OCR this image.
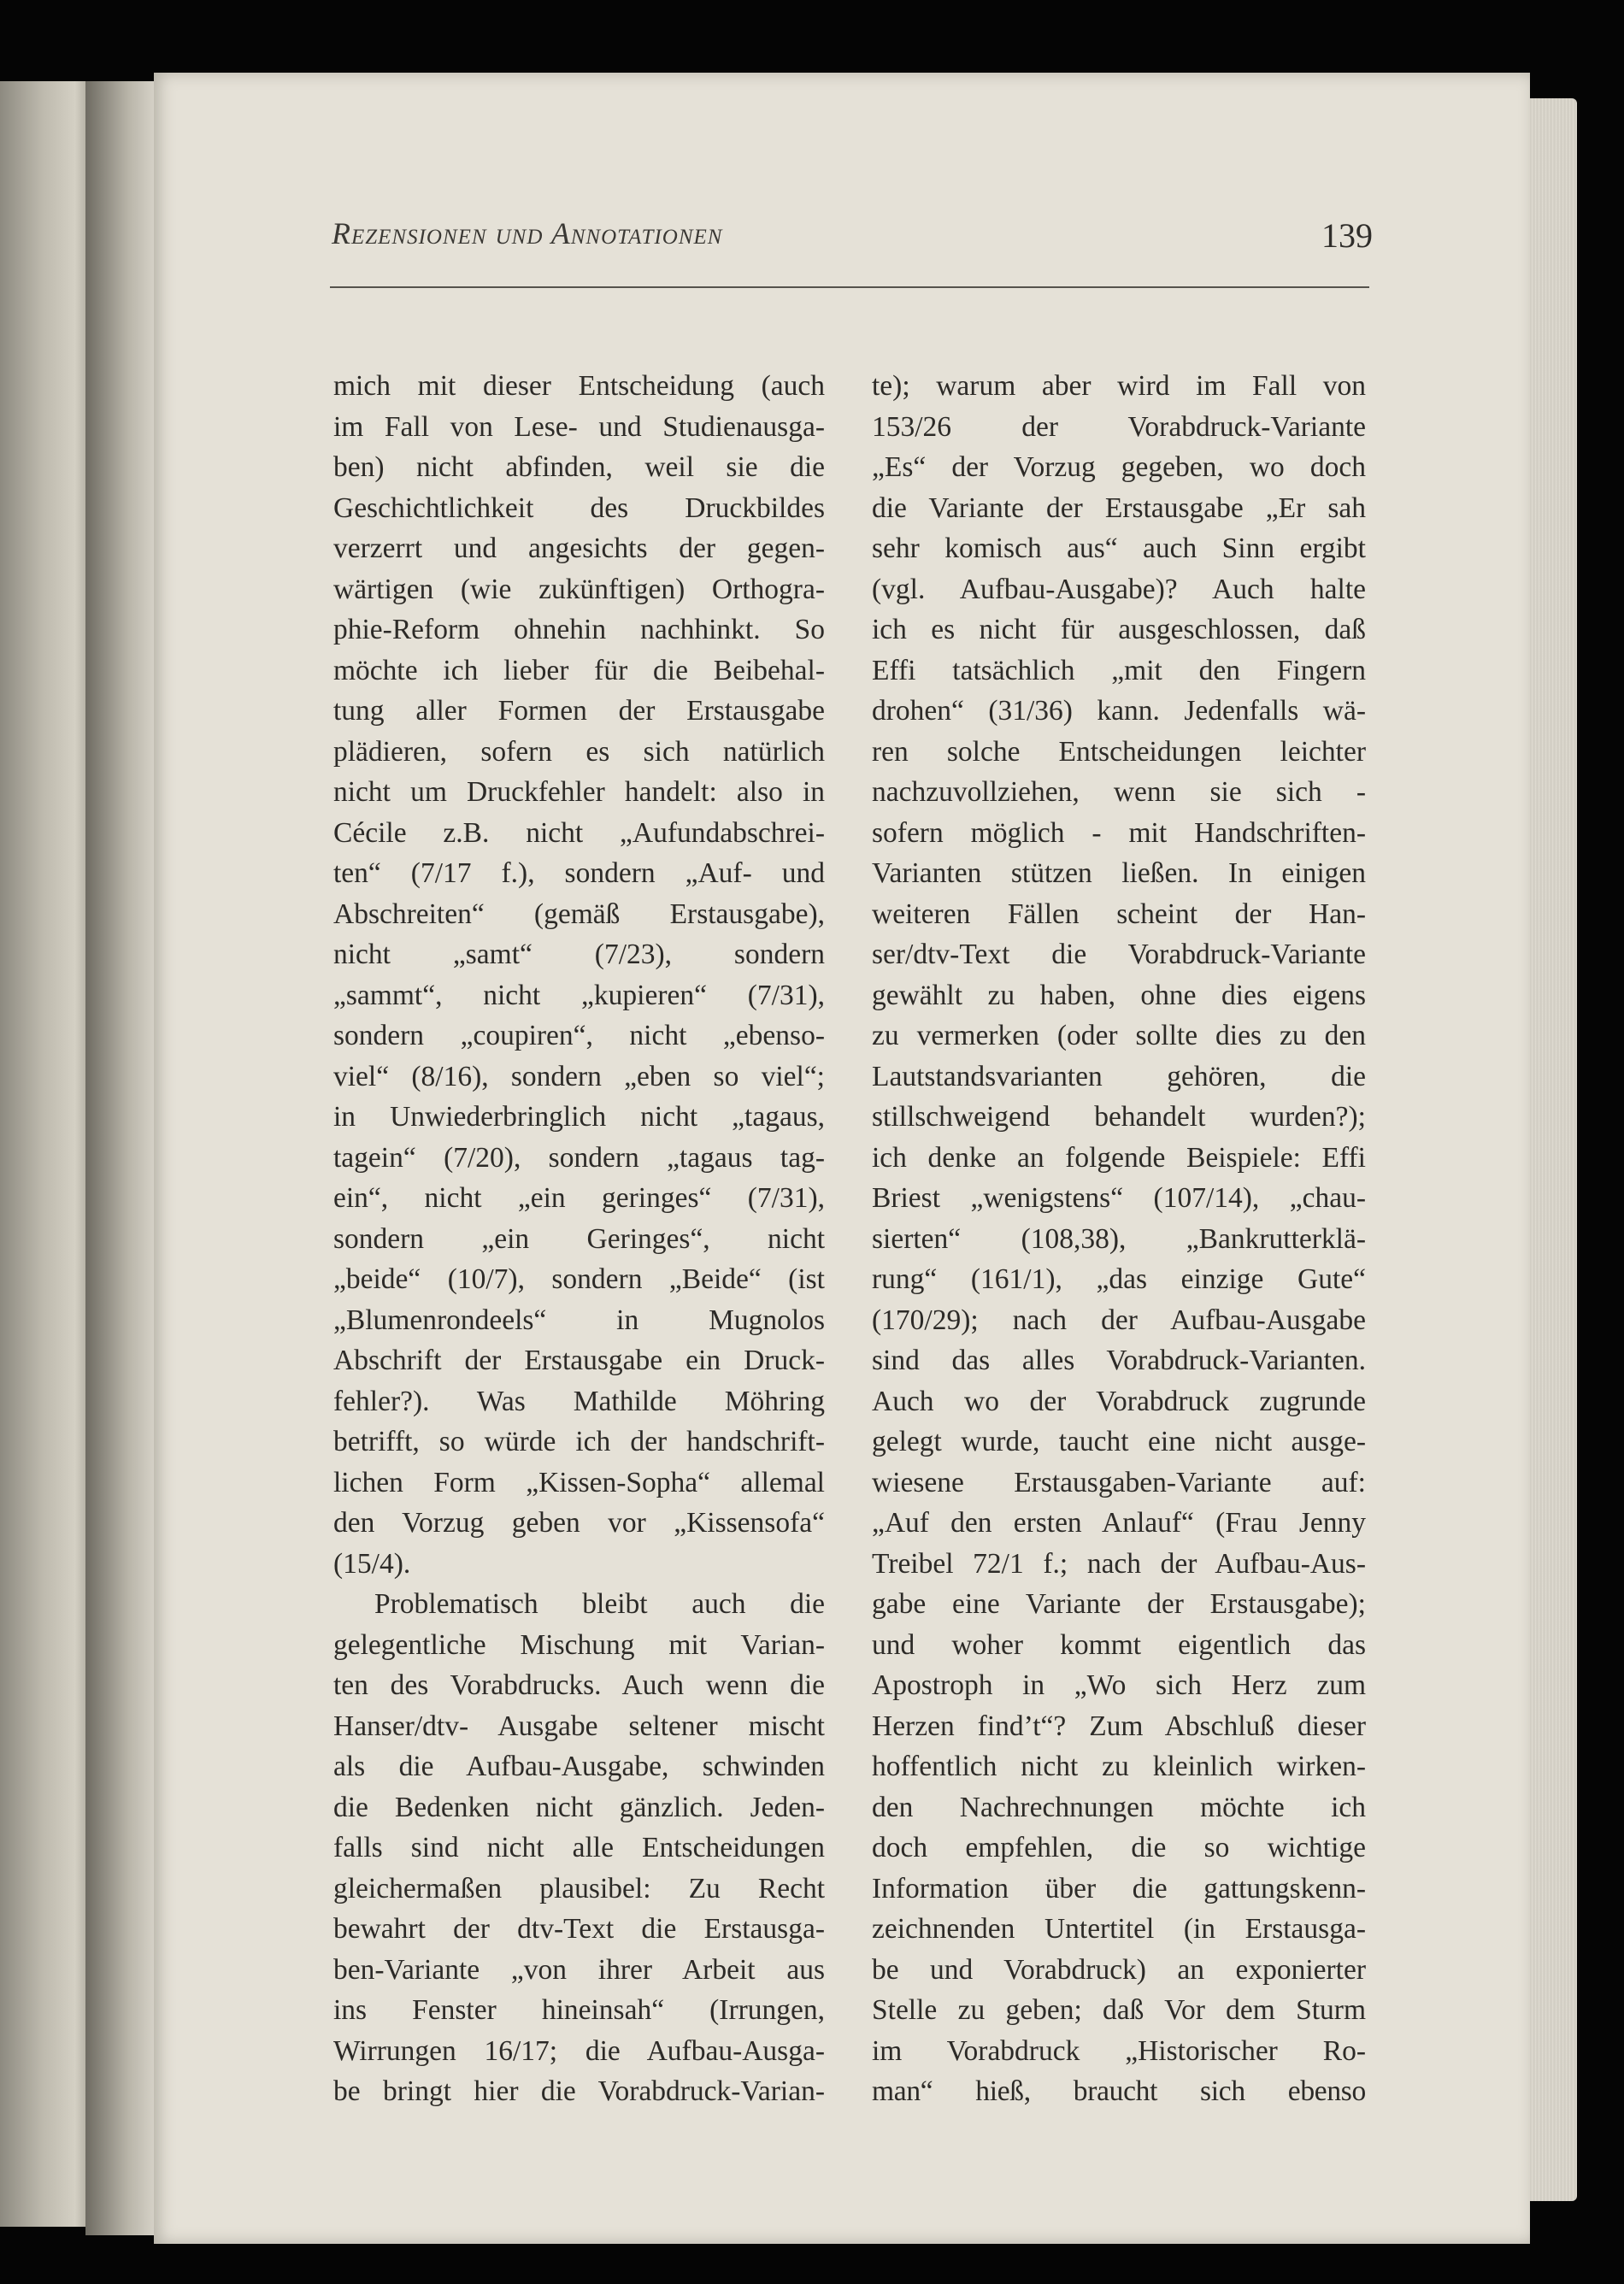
Rezensionen und Annotationen	139
mich mit dieser Entscheidung (auch
im Fall von Lese- und Studienausga-
ben) nicht abfinden, weil sie die
Geschichtlichkeit des Druckbildes
verzerrt und angesichts der gegen-
wärtigen (wie zukünftigen) Orthogra-
phie-Reform ohnehin nachhinkt. So
möchte ich lieber für die Beibehal-
tung aller Formen der Erstausgabe
plädieren, sofern es sich natürlich
nicht um Druckfehler handelt: also in
Cécile z.B. nicht „Aufundabschrei-
ten“ (7/17 f.), sondern „Auf- und
Abschreiten“ (gemäß Erstausgabe),
nicht „samt“ (7/23), sondern
„sammt“, nicht „kupieren“ (7/31),
sondern „coupiren“, nicht „ebenso-
viel“ (8/16), sondern „eben so viel“;
in Unwiederbringlich nicht „tagaus,
tagein“ (7/20), sondern „tagaus tag-
ein“, nicht „ein geringes“ (7/31),
sondern „ein Geringes“, nicht
„beide“ (10/7), sondern „Beide“ (ist
„Blumenrondeels“ in Mugnolos
Abschrift der Erstausgabe ein Druck-
fehler?). Was Mathilde Möhring
betrifft, so würde ich der handschrift-
lichen Form „Kissen-Sopha“ allemal
den Vorzug geben vor „Kissensofa“
(15/4).
Problematisch bleibt auch die
gelegentliche Mischung mit Varian-
ten des Vorabdrucks. Auch wenn die
Hanser/dtv- Ausgabe seltener mischt
als die Aufbau-Ausgabe, schwinden
die Bedenken nicht gänzlich. Jeden-
falls sind nicht alle Entscheidungen
gleichermaßen plausibel: Zu Recht
bewahrt der dtv-Text die Erstausga-
ben-Variante „von ihrer Arbeit aus
ins Fenster hineinsah“ (Irrungen,
Wirrungen 16/17; die Aufbau-Ausga-
be bringt hier die Vorabdruck-Varian-
te); warum aber wird im Fall von
153/26 der Vorabdruck-Variante
„Es“ der Vorzug gegeben, wo doch
die Variante der Erstausgabe „Er sah
sehr komisch aus“ auch Sinn ergibt
(vgl. Aufbau-Ausgabe)? Auch halte
ich es nicht für ausgeschlossen, daß
Effi tatsächlich „mit den Fingern
drohen“ (31/36) kann. Jedenfalls wä-
ren solche Entscheidungen leichter
nachzuvollziehen, wenn sie sich -
sofern möglich - mit Handschriften-
Varianten stützen ließen. In einigen
weiteren Fällen scheint der Han-
ser/dtv-Text die Vorabdruck-Variante
gewählt zu haben, ohne dies eigens
zu vermerken (oder sollte dies zu den
Lautstandsvarianten gehören, die
stillschweigend behandelt wurden?);
ich denke an folgende Beispiele: Effi
Briest „wenigstens“ (107/14), „chau-
sierten“ (108,38), „Bankrutterklä-
rung“ (161/1), „das einzige Gute“
(170/29); nach der Aufbau-Ausgabe
sind das alles Vorabdruck-Varianten.
Auch wo der Vorabdruck zugrunde
gelegt wurde, taucht eine nicht ausge-
wiesene Erstausgaben-Variante auf:
„Auf den ersten Anlauf“ (Frau Jenny
Treibel 72/1 f.; nach der Aufbau-Aus-
gabe eine Variante der Erstausgabe);
und woher kommt eigentlich das
Apostroph in „Wo sich Herz zum
Herzen find’t“? Zum Abschluß dieser
hoffentlich nicht zu kleinlich wirken-
den Nachrechnungen möchte ich
doch empfehlen, die so wichtige
Information über die gattungskenn-
zeichnenden Untertitel (in Erstausga-
be und Vorabdruck) an exponierter
Stelle zu geben; daß Vor dem Sturm
im Vorabdruck „Historischer Ro-
man“ hieß, braucht sich ebenso
